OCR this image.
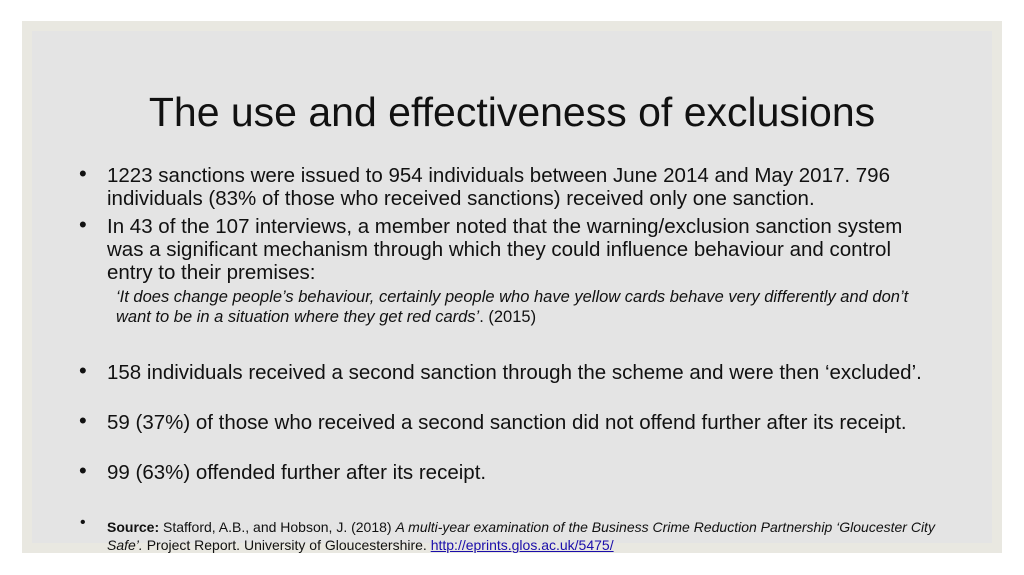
The use and effectiveness of exclusions
• 1223 sanctions were issued to 954 individuals between June 2014 and May 2017. 796 individuals (83% of those who received sanctions) received only one sanction.
• In 43 of the 107 interviews, a member noted that the warning/exclusion sanction system was a significant mechanism through which they could influence behaviour and control entry to their premises:
‘It does change people’s behaviour, certainly people who have yellow cards behave very differently and don’t want to be in a situation where they get red cards’. (2015)
• 158 individuals received a second sanction through the scheme and were then ‘excluded’.
• 59 (37%) of those who received a second sanction did not offend further after its receipt.
• 99 (63%) offended further after its receipt.
• Source: Stafford, A.B., and Hobson, J. (2018) A multi-year examination of the Business Crime Reduction Partnership ‘Gloucester City Safe’. Project Report. University of Gloucestershire. http://eprints.glos.ac.uk/5475/
